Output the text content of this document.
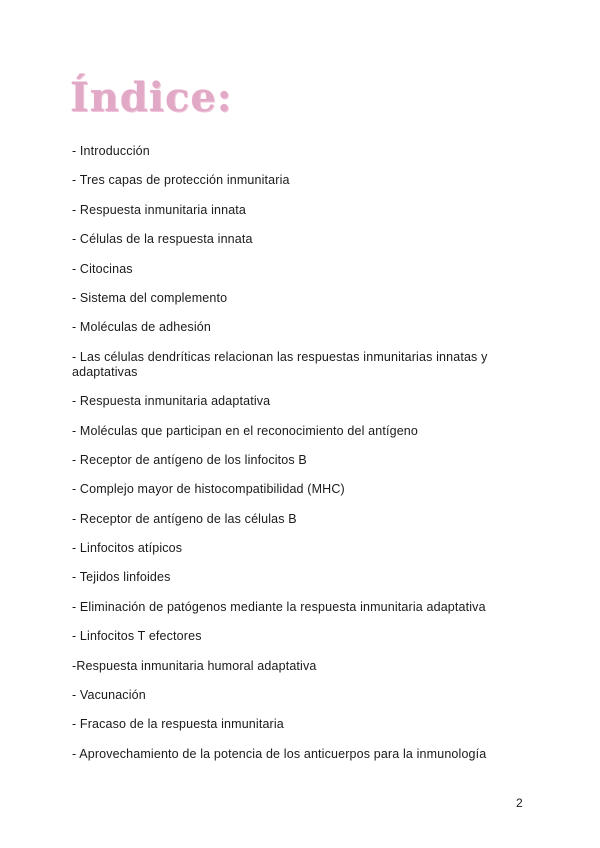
Índice:
- Introducción
- Tres capas de protección inmunitaria
- Respuesta inmunitaria innata
- Células de la respuesta innata
- Citocinas
- Sistema del complemento
- Moléculas de adhesión
- Las células dendríticas relacionan las respuestas inmunitarias innatas y adaptativas
- Respuesta inmunitaria adaptativa
- Moléculas que participan en el reconocimiento del antígeno
- Receptor de antígeno de los linfocitos B
- Complejo mayor de histocompatibilidad (MHC)
- Receptor de antígeno de las células B
- Linfocitos atípicos
- Tejidos linfoides
- Eliminación de patógenos mediante la respuesta inmunitaria adaptativa
- Linfocitos T efectores
-Respuesta inmunitaria humoral adaptativa
- Vacunación
- Fracaso de la respuesta inmunitaria
- Aprovechamiento de la potencia de los anticuerpos para la inmunología
2
